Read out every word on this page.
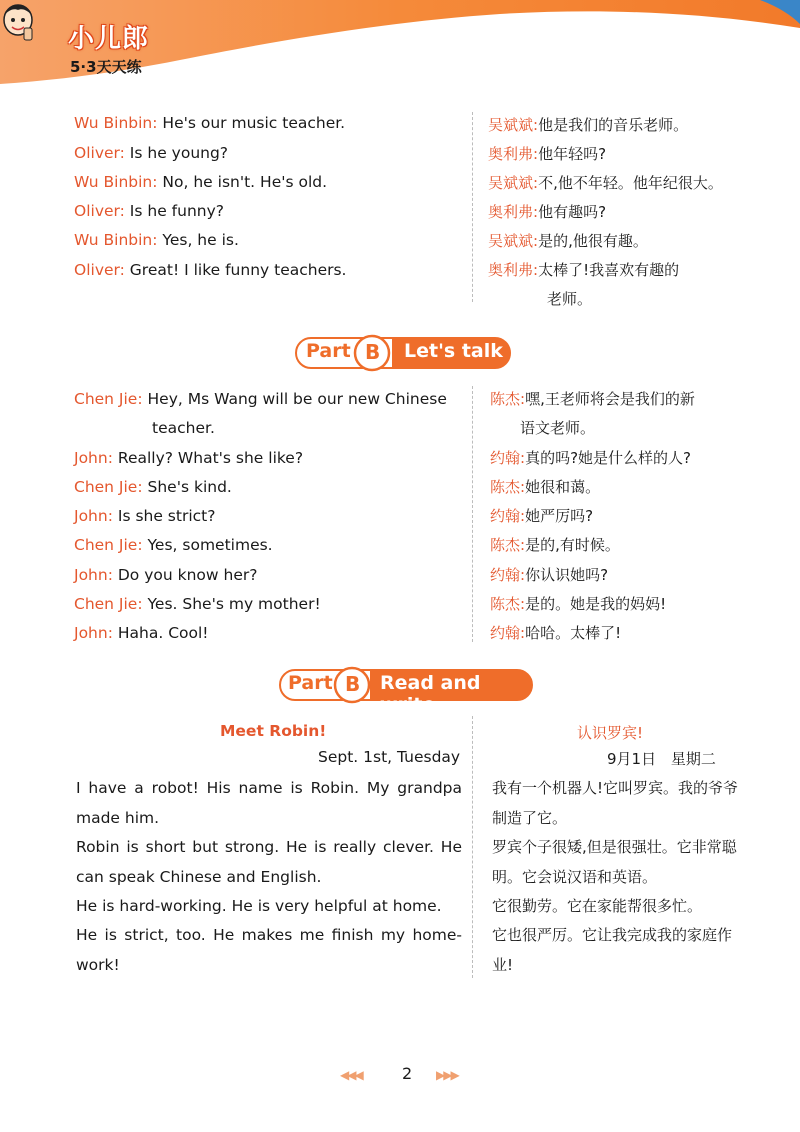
小儿郎
5·3天天练
Wu Binbin: He's our music teacher.
Oliver: Is he young?
Wu Binbin: No, he isn't. He's old.
Oliver: Is he funny?
Wu Binbin: Yes, he is.
Oliver: Great! I like funny teachers.
吴斌斌:他是我们的音乐老师。
奥利弗:他年轻吗?
吴斌斌:不,他不年轻。他年纪很大。
奥利弗:他有趣吗?
吴斌斌:是的,他很有趣。
奥利弗:太棒了!我喜欢有趣的
老师。
Part B Let's talk
Chen Jie: Hey, Ms Wang will be our new Chinese
teacher.
John: Really? What's she like?
Chen Jie: She's kind.
John: Is she strict?
Chen Jie: Yes, sometimes.
John: Do you know her?
Chen Jie: Yes. She's my mother!
John: Haha. Cool!
陈杰:嘿,王老师将会是我们的新
语文老师。
约翰:真的吗?她是什么样的人?
陈杰:她很和蔼。
约翰:她严厉吗?
陈杰:是的,有时候。
约翰:你认识她吗?
陈杰:是的。她是我的妈妈!
约翰:哈哈。太棒了!
Part B Read and write
Meet Robin!
Sept. 1st, Tuesday
I have a robot! His name is Robin. My grandpa made him.
Robin is short but strong. He is really clever. He can speak Chinese and English.
He is hard-working. He is very helpful at home.
He is strict, too. He makes me finish my home-work!
认识罗宾!
9月1日 星期二
我有一个机器人!它叫罗宾。我的爷爷制造了它。
罗宾个子很矮,但是很强壮。它非常聪明。它会说汉语和英语。
它很勤劳。它在家能帮很多忙。
它也很严厉。它让我完成我的家庭作业!
◀◀◀	2 ▶▶▶
